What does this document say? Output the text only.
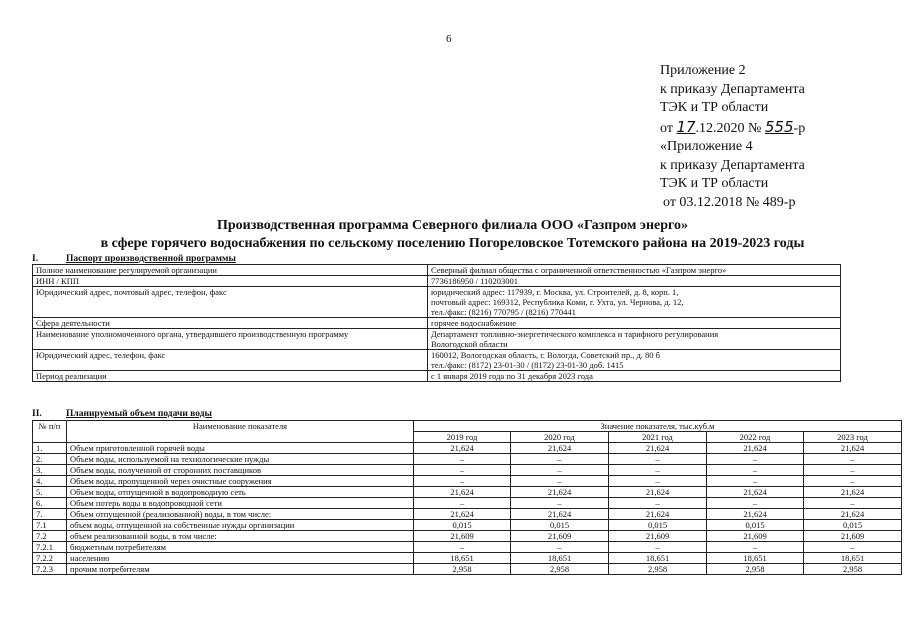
6
Приложение 2
к приказу Департамента
ТЭК и ТР области
от 17.12.2020 № 555-р
«Приложение 4
к приказу Департамента
ТЭК и ТР области
от 03.12.2018 № 489-р
Производственная программа Северного филиала ООО «Газпром энерго»
в сфере горячего водоснабжения по сельскому поселению Погореловское Тотемского района на 2019-2023 годы
I.	Паспорт производственной программы
Полное наименование регулируемой организации	Северный филиал общества с ограниченной ответственностью «Газпром энерго»

ИНН / КПП	7736186950 / 110203001

Юридический адрес, почтовый адрес, телефон, факс	юридический адрес: 117939, г. Москва, ул. Строителей, д. 8, корп. 1,
почтовый адрес: 169312, Республика Коми, г. Ухта, ул. Чернова, д. 12,
тел./факс: (8216) 770795 / (8216) 770441

Сфера деятельности	горячее водоснабжение

Наименование уполномоченного органа, утвердившего производственную программу	Департамент топливно-энергетического комплекса и тарифного регулирования
Вологодской области

Юридический адрес, телефон, факс	160012, Вологодская область, г. Вологда, Советский пр., д. 80 б
тел./факс: (8172) 23-01-30 / (8172) 23-01-30 доб. 1415

Период реализации	с 1 января 2019 года по 31 декабря 2023 года
II.	Планируемый объем подачи воды
№ п/п	Наименование показателя	Значение показателя, тыс.куб.м				
		2019 год	2020 год	2021 год	2022 год	2023 год
1.	Объем приготовленной горячей воды	21,624	21,624	21,624	21,624	21,624
2.	Объем воды, используемой на технологические нужды	–	–	–	–	–
3.	Объем воды, полученной от сторонних поставщиков	–	–	–	–	–
4.	Объем воды, пропущенной через очистные сооружения	–	–	–	–	–
5.	Объем воды, отпущенной в водопроводную сеть	21,624	21,624	21,624	21,624	21,624
6.	Объем потерь воды в водопроводной сети	–	–	–	–	–
7.	Объем отпущенной (реализованной) воды, в том числе:	21,624	21,624	21,624	21,624	21,624
7.1	объем воды, отпущенной на собственные нужды организации	0,015	0,015	0,015	0,015	0,015
7.2	объем реализованной воды, в том числе:	21,609	21,609	21,609	21,609	21,609
7.2.1	бюджетным потребителям	–	–	–	–	–
7.2.2	населению	18,651	18,651	18,651	18,651	18,651
7.2.3	прочим потребителям	2,958	2,958	2,958	2,958	2,958
